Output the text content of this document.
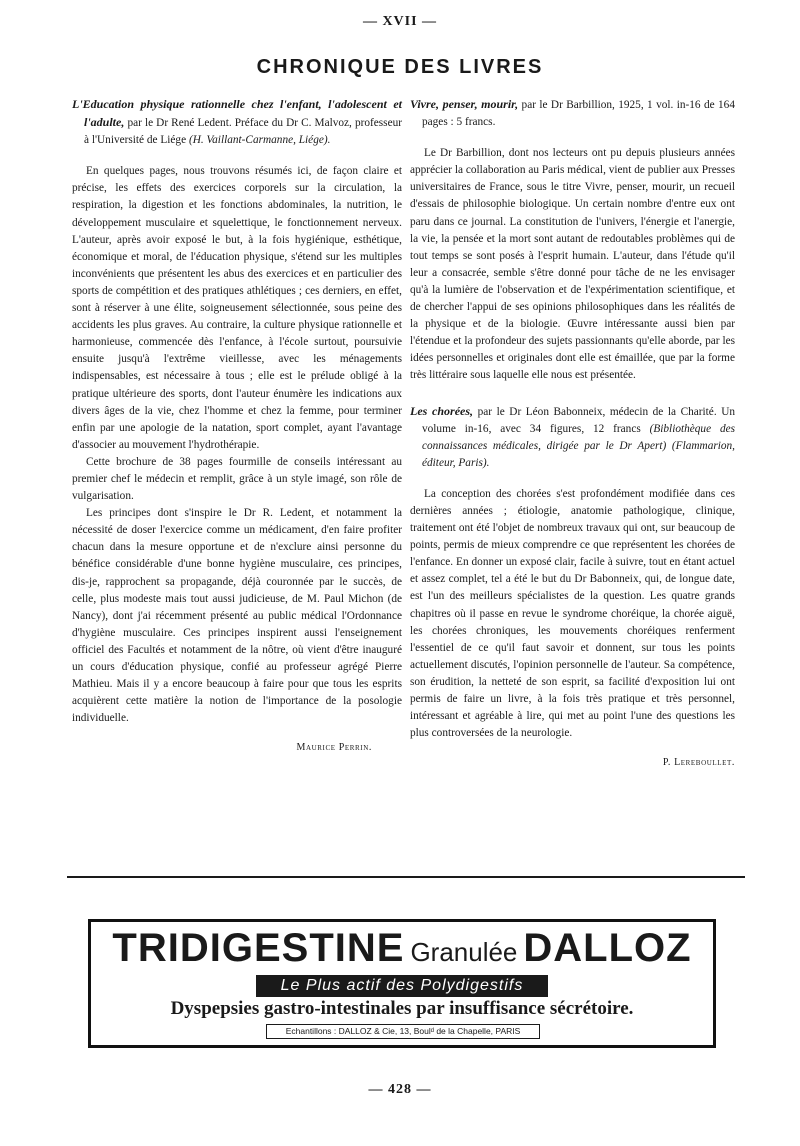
— XVII —
CHRONIQUE DES LIVRES
L'Education physique rationnelle chez l'enfant, l'adolescent et l'adulte, par le Dr René Ledent. Préface du Dr C. Malvoz, professeur à l'Université de Liége (H. Vaillant-Carmanne, Liége).

En quelques pages, nous trouvons résumés ici, de façon claire et précise, les effets des exercices corporels sur la circulation, la respiration, la digestion et les fonctions abdominales, la nutrition, le développement musculaire et squelettique, le fonctionnement nerveux. L'auteur, après avoir exposé le but, à la fois hygiénique, esthétique, économique et moral, de l'éducation physique, s'étend sur les multiples inconvénients que présentent les abus des exercices et en particulier des sports de compétition et des pratiques athlétiques ; ces derniers, en effet, sont à réserver à une élite, soigneusement sélectionnée, sous peine des accidents les plus graves. Au contraire, la culture physique rationnelle et harmonieuse, commencée dès l'enfance, à l'école surtout, poursuivie ensuite jusqu'à l'extrême vieillesse, avec les ménagements indispensables, est nécessaire à tous ; elle est le prélude obligé à la pratique ultérieure des sports, dont l'auteur énumère les indications aux divers âges de la vie, chez l'homme et chez la femme, pour terminer enfin par une apologie de la natation, sport complet, ayant l'avantage d'associer au mouvement l'hydrothérapie.

Cette brochure de 38 pages fourmille de conseils intéressant au premier chef le médecin et remplit, grâce à un style imagé, son rôle de vulgarisation.

Les principes dont s'inspire le Dr R. Ledent, et notamment la nécessité de doser l'exercice comme un médicament, d'en faire profiter chacun dans la mesure opportune et de n'exclure ainsi personne du bénéfice considérable d'une bonne hygiène musculaire, ces principes, dis-je, rapprochent sa propagande, déjà couronnée par le succès, de celle, plus modeste mais tout aussi judicieuse, de M. Paul Michon (de Nancy), dont j'ai récemment présenté au public médical l'Ordonnance d'hygiène musculaire. Ces principes inspirent aussi l'enseignement officiel des Facultés et notamment de la nôtre, où vient d'être inauguré un cours d'éducation physique, confié au professeur agrégé Pierre Mathieu. Mais il y a encore beaucoup à faire pour que tous les esprits acquièrent cette matière la notion de l'importance de la posologie individuelle.

Maurice Perrin.
Vivre, penser, mourir, par le Dr Barbillion, 1925, 1 vol. in-16 de 164 pages : 5 francs.

Le Dr Barbillion, dont nos lecteurs ont pu depuis plusieurs années apprécier la collaboration au Paris médical, vient de publier aux Presses universitaires de France, sous le titre Vivre, penser, mourir, un recueil d'essais de philosophie biologique. Un certain nombre d'entre eux ont paru dans ce journal. La constitution de l'univers, l'énergie et l'anergie, la vie, la pensée et la mort sont autant de redoutables problèmes qui de tout temps se sont posés à l'esprit humain. L'auteur, dans l'étude qu'il leur a consacrée, semble s'être donné pour tâche de ne les envisager qu'à la lumière de l'observation et de l'expérimentation scientifique, et de chercher l'appui de ses opinions philosophiques dans les réalités de la physique et de la biologie. Œuvre intéressante aussi bien par l'étendue et la profondeur des sujets passionnants qu'elle aborde, par les idées personnelles et originales dont elle est émaillée, que par la forme très littéraire sous laquelle elle nous est présentée.

Les chorées, par le Dr Léon Babonneix, médecin de la Charité. Un volume in-16, avec 34 figures, 12 francs (Bibliothèque des connaissances médicales, dirigée par le Dr Apert) (Flammarion, éditeur, Paris).

La conception des chorées s'est profondément modifiée dans ces dernières années ; étiologie, anatomie pathologique, clinique, traitement ont été l'objet de nombreux travaux qui ont, sur beaucoup de points, permis de mieux comprendre ce que représentent les chorées de l'enfance. En donner un exposé clair, facile à suivre, tout en étant actuel et assez complet, tel a été le but du Dr Babonneix, qui, de longue date, est l'un des meilleurs spécialistes de la question. Les quatre grands chapitres où il passe en revue le syndrome choréique, la chorée aiguë, les chorées chroniques, les mouvements choréiques renferment l'essentiel de ce qu'il faut savoir et donnent, sur tous les points actuellement discutés, l'opinion personnelle de l'auteur. Sa compétence, son érudition, la netteté de son esprit, sa facilité d'exposition lui ont permis de faire un livre, à la fois très pratique et très personnel, intéressant et agréable à lire, qui met au point l'une des questions les plus controversées de la neurologie.

P. Lereboullet.
TRIDIGESTINE Granulée DALLOZ
Le Plus actif des Polydigestifs
Dyspepsies gastro-intestinales par insuffisance sécrétoire.
Echantillons : DALLOZ & Cie, 13, Boulᵈ de la Chapelle, PARIS
— 428 —
